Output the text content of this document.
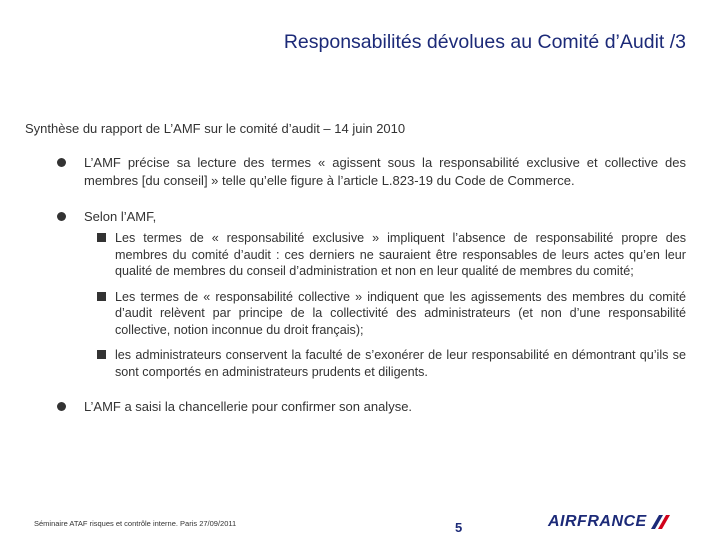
Responsabilités dévolues au Comité d’Audit /3
Synthèse du rapport de L’AMF sur le comité d’audit – 14 juin 2010
L’AMF précise sa lecture des termes « agissent sous la responsabilité exclusive et collective des membres [du conseil] » telle qu’elle figure à l’article L.823-19 du Code de Commerce.
Selon l’AMF,
Les termes de « responsabilité exclusive » impliquent l’absence de responsabilité propre des membres du comité d’audit : ces derniers ne sauraient être responsables de leurs actes qu’en leur qualité de membres du conseil d’administration et non en leur qualité de membres du comité;
Les termes de « responsabilité collective » indiquent que les agissements des membres du comité d’audit relèvent par principe de la collectivité des administrateurs (et non d’une responsabilité collective, notion inconnue du droit français);
les administrateurs conservent la faculté de s’exonérer de leur responsabilité en démontrant qu’ils se sont comportés en administrateurs prudents et diligents.
L’AMF a saisi la chancellerie pour confirmer son analyse.
Séminaire ATAF risques et contrôle interne. Paris 27/09/2011	5	AIRFRANCE
